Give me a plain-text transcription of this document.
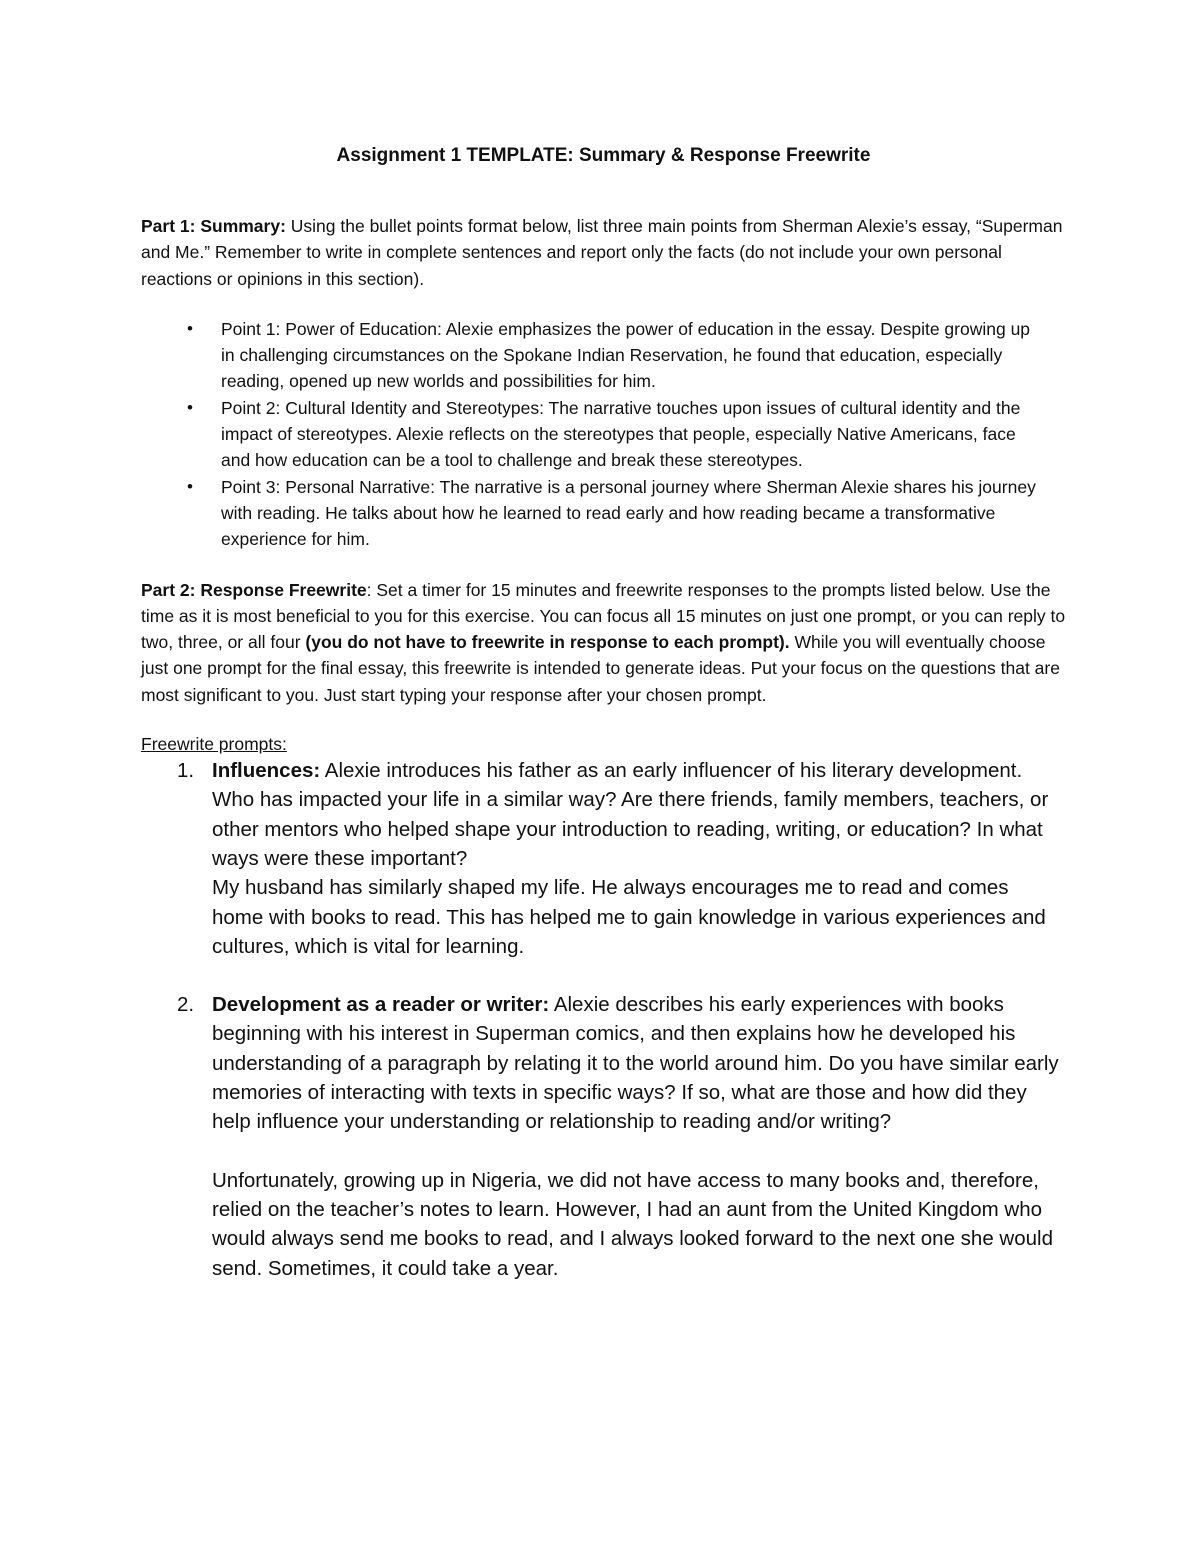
Assignment 1 TEMPLATE: Summary & Response Freewrite

Part 1: Summary: Using the bullet points format below, list three main points from Sherman Alexie’s essay, “Superman and Me.” Remember to write in complete sentences and report only the facts (do not include your own personal reactions or opinions in this section).

• Point 1: Power of Education: Alexie emphasizes the power of education in the essay. Despite growing up in challenging circumstances on the Spokane Indian Reservation, he found that education, especially reading, opened up new worlds and possibilities for him.
• Point 2: Cultural Identity and Stereotypes: The narrative touches upon issues of cultural identity and the impact of stereotypes. Alexie reflects on the stereotypes that people, especially Native Americans, face and how education can be a tool to challenge and break these stereotypes.
• Point 3: Personal Narrative: The narrative is a personal journey where Sherman Alexie shares his journey with reading. He talks about how he learned to read early and how reading became a transformative experience for him.

Part 2: Response Freewrite: Set a timer for 15 minutes and freewrite responses to the prompts listed below. Use the time as it is most beneficial to you for this exercise. You can focus all 15 minutes on just one prompt, or you can reply to two, three, or all four (you do not have to freewrite in response to each prompt). While you will eventually choose just one prompt for the final essay, this freewrite is intended to generate ideas. Put your focus on the questions that are most significant to you. Just start typing your response after your chosen prompt.

Freewrite prompts:
1. Influences: Alexie introduces his father as an early influencer of his literary development. Who has impacted your life in a similar way? Are there friends, family members, teachers, or other mentors who helped shape your introduction to reading, writing, or education? In what ways were these important?
My husband has similarly shaped my life. He always encourages me to read and comes home with books to read. This has helped me to gain knowledge in various experiences and cultures, which is vital for learning.
2. Development as a reader or writer: Alexie describes his early experiences with books beginning with his interest in Superman comics, and then explains how he developed his understanding of a paragraph by relating it to the world around him. Do you have similar early memories of interacting with texts in specific ways? If so, what are those and how did they help influence your understanding or relationship to reading and/or writing?
Unfortunately, growing up in Nigeria, we did not have access to many books and, therefore, relied on the teacher’s notes to learn. However, I had an aunt from the United Kingdom who would always send me books to read, and I always looked forward to the next one she would send. Sometimes, it could take a year.
